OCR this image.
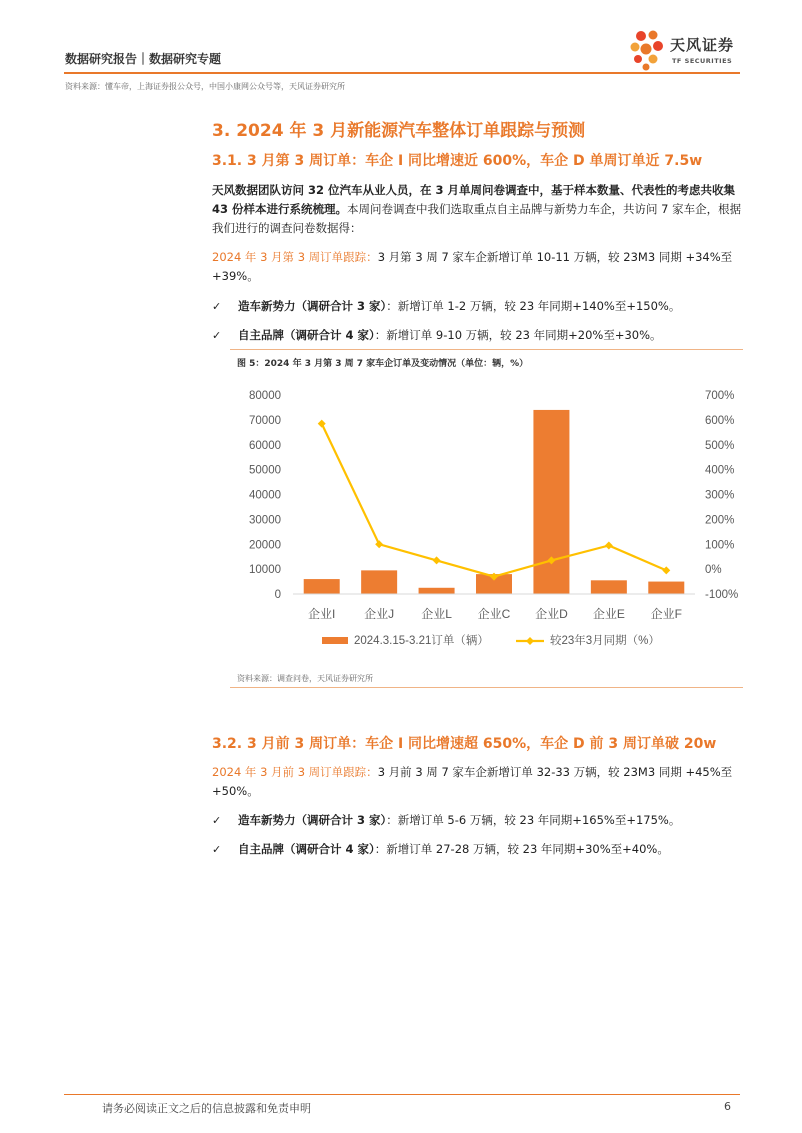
数据研究报告｜数据研究专题
天风证券
TF SECURITIES
资料来源：懂车帝，上海证券报公众号，中国小康网公众号等，天风证券研究所
3. 2024 年 3 月新能源汽车整体订单跟踪与预测
3.1. 3 月第 3 周订单：车企 I 同比增速近 600%，车企 D 单周订单近 7.5w
天风数据团队访问 32 位汽车从业人员，在 3 月单周问卷调查中，基于样本数量、代表性的考虑共收集 43 份样本进行系统梳理。本周问卷调查中我们选取重点自主品牌与新势力车企，共访问 7 家车企，根据我们进行的调查问卷数据得：
2024 年 3 月第 3 周订单跟踪：3 月第 3 周 7 家车企新增订单 10-11 万辆，较 23M3 同期 +34%至+39%。
✓ 造车新势力（调研合计 3 家）：新增订单 1-2 万辆，较 23 年同期+140%至+150%。
✓ 自主品牌（调研合计 4 家）：新增订单 9-10 万辆，较 23 年同期+20%至+30%。
图 5：2024 年 3 月第 3 周 7 家车企订单及变动情况（单位：辆，%）
0
10000
20000
30000
40000
50000
60000
70000
80000
-100%
0%
100%
200%
300%
400%
500%
600%
700%
企业I 企业J 企业L 企业C 企业D 企业E 企业F
2024.3.15-3.21订单（辆）	较23年3月同期（%）
资料来源：调查问卷，天风证券研究所
3.2. 3 月前 3 周订单：车企 I 同比增速超 650%，车企 D 前 3 周订单破 20w
2024 年 3 月前 3 周订单跟踪：3 月前 3 周 7 家车企新增订单 32-33 万辆，较 23M3 同期 +45%至+50%。
✓ 造车新势力（调研合计 3 家）：新增订单 5-6 万辆，较 23 年同期+165%至+175%。
✓ 自主品牌（调研合计 4 家）：新增订单 27-28 万辆，较 23 年同期+30%至+40%。
请务必阅读正文之后的信息披露和免责申明	6
